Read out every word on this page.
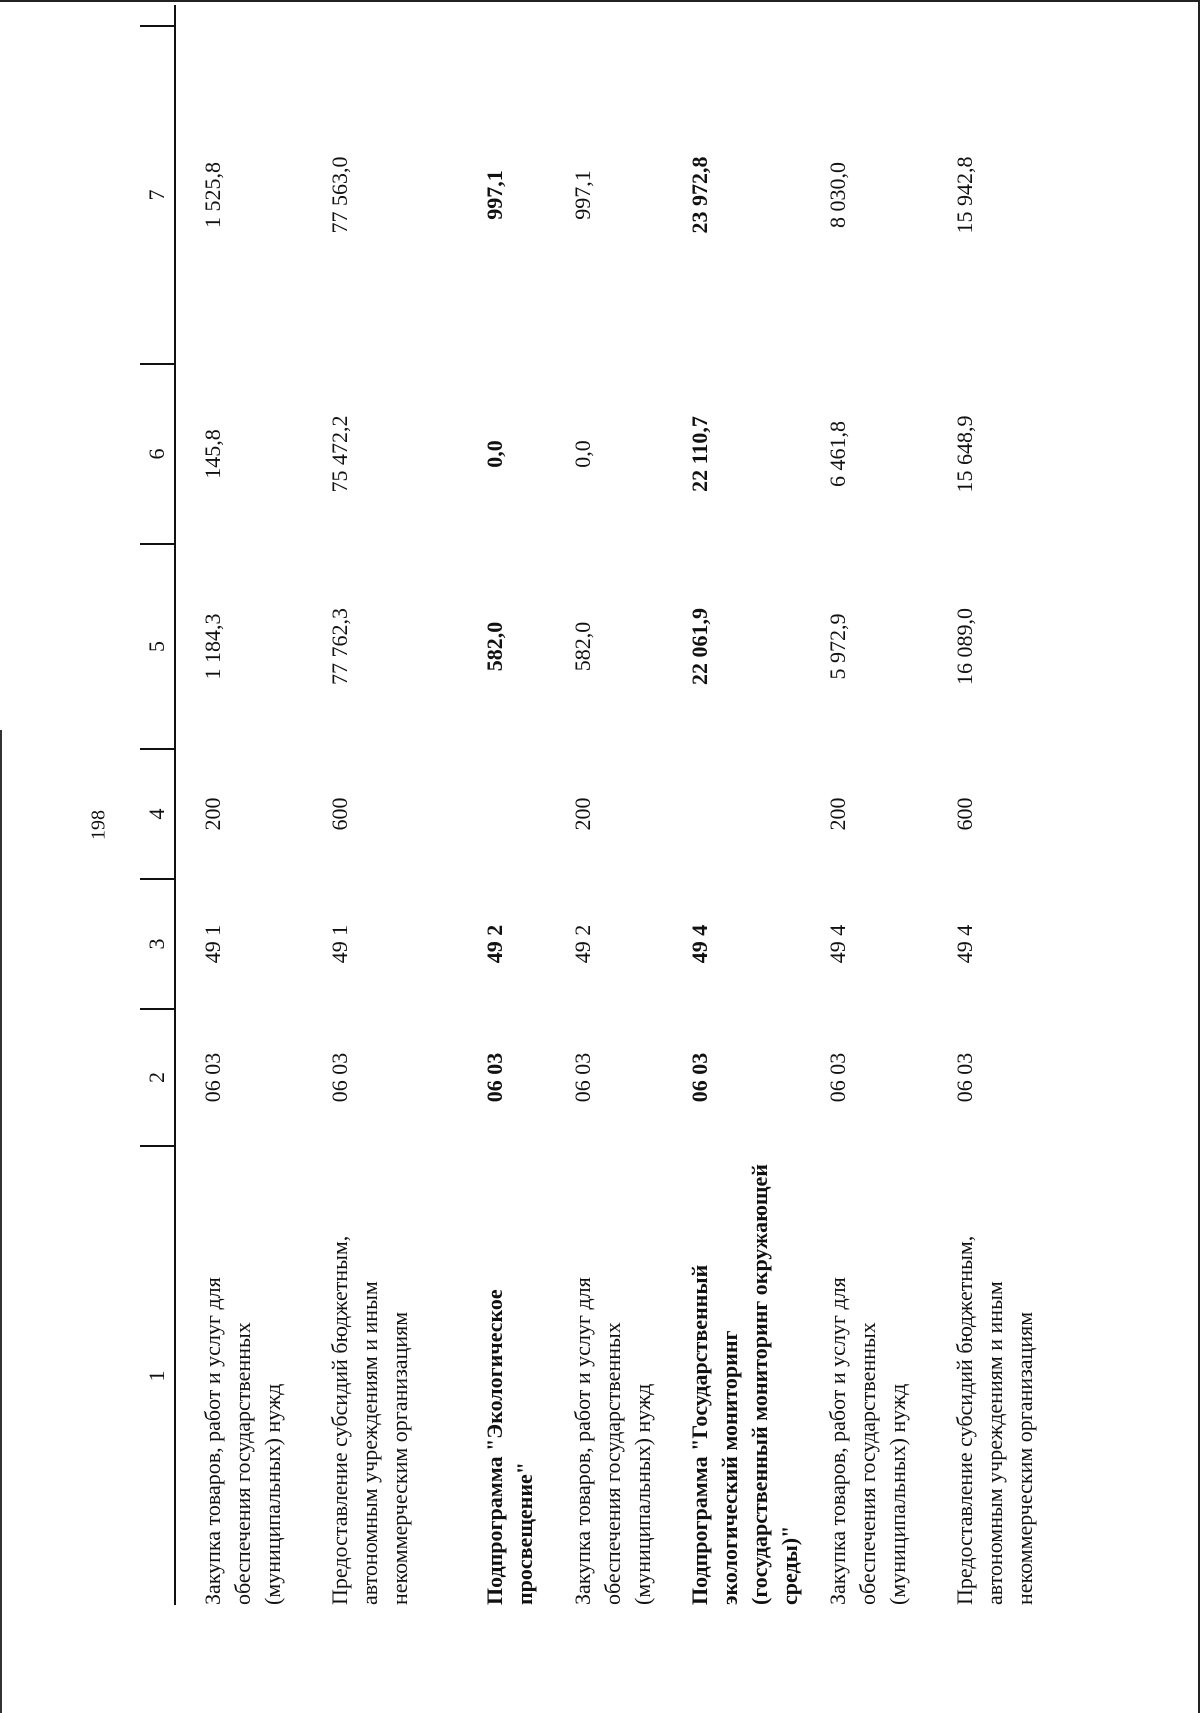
198
1
2
3
4
5
6
7
Закупка товаров, работ и услуг для обеспечения государственных (муниципальных) нужд
06 03
49 1
200
1 184,3
145,8
1 525,8
Предоставление субсидий бюджетным, автономным учреждениям и иным некоммерческим организациям
06 03
49 1
600
77 762,3
75 472,2
77 563,0
Подпрограмма "Экологическое просвещение"
06 03
49 2
582,0
0,0
997,1
Закупка товаров, работ и услуг для обеспечения государственных (муниципальных) нужд
06 03
49 2
200
582,0
0,0
997,1
Подпрограмма "Государственный экологический мониторинг (государственный мониторинг окружающей среды)"
06 03
49 4
22 061,9
22 110,7
23 972,8
Закупка товаров, работ и услуг для обеспечения государственных (муниципальных) нужд
06 03
49 4
200
5 972,9
6 461,8
8 030,0
Предоставление субсидий бюджетным, автономным учреждениям и иным некоммерческим организациям
06 03
49 4
600
16 089,0
15 648,9
15 942,8
